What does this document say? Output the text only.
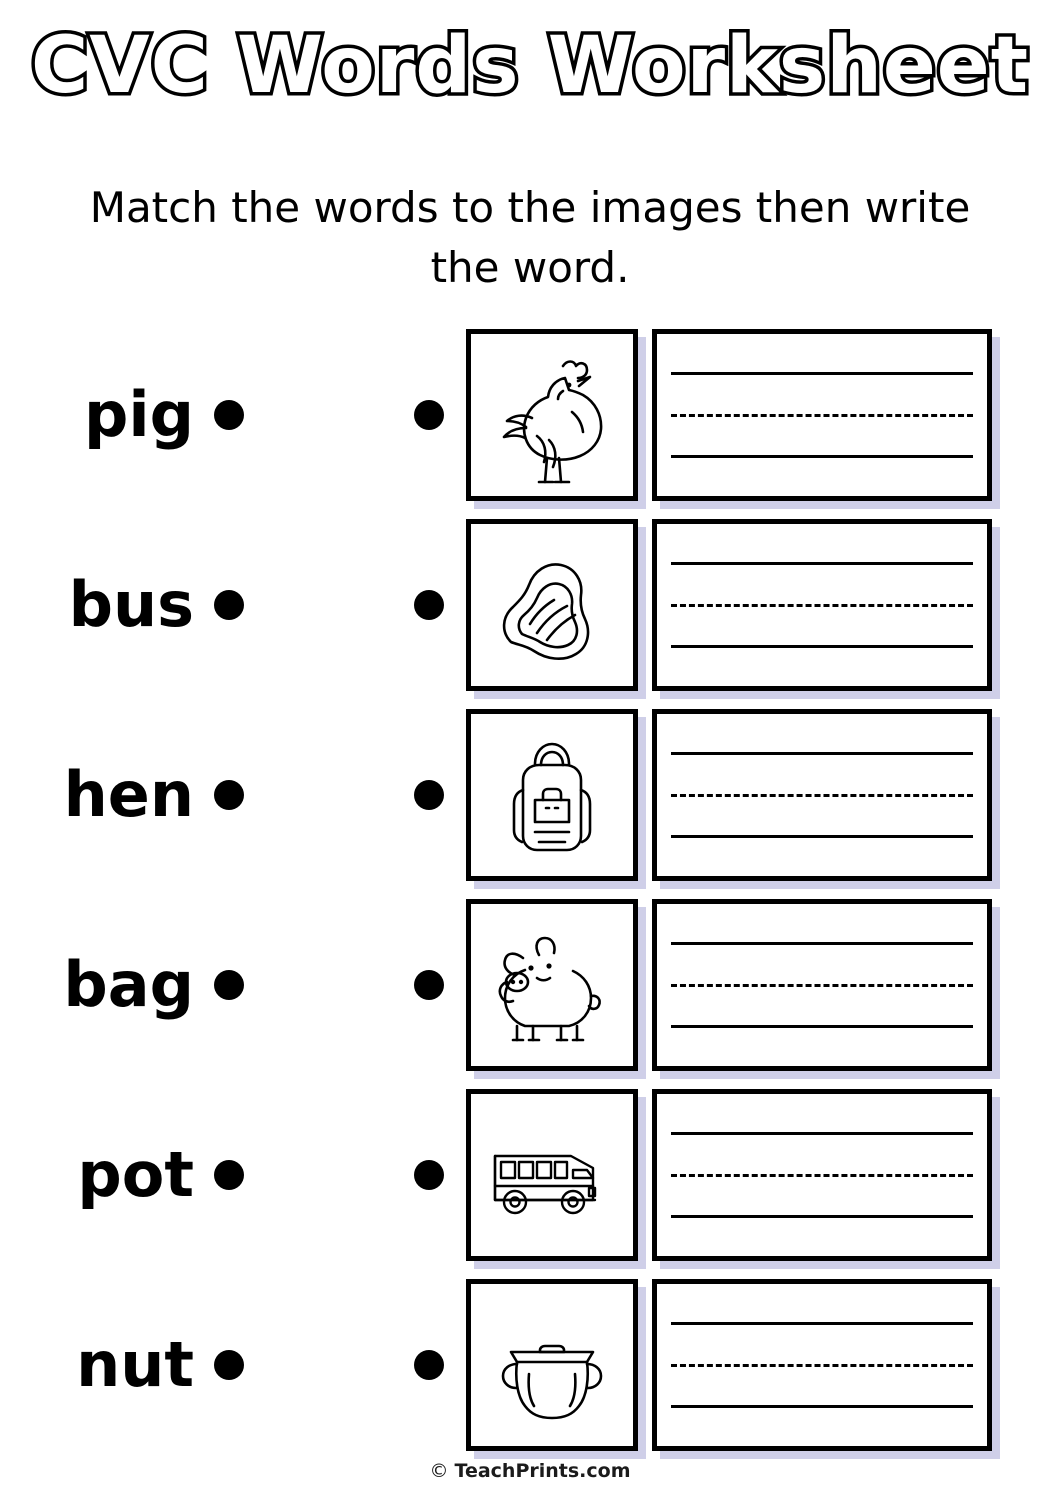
CVC Words Worksheet
Match the words to the images then write the word.
pig
bus
hen
bag
pot
nut
© TeachPrints.com
